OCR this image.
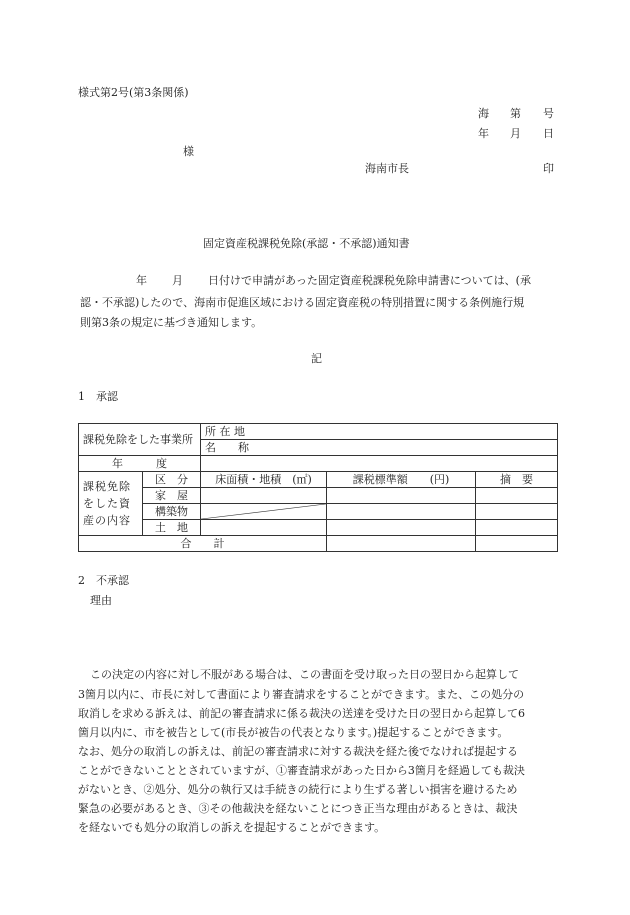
様式第2号(第3条関係)
海 第 号
年 月 日
様
海南市長	印
固定資産税課税免除(承認・不承認)通知書
年 月 日付けで申請があった固定資産税課税免除申請書については、(承
認・不承認)したので、海南市促進区域における固定資産税の特別措置に関する条例施行規
則第3条の規定に基づき通知します。
記
1　承認
課税免除をした事業所		所 在 地		
		名　　称		
年　　　度				
課税免除をした資産の内容	区　分	床面積・地積　(㎡)	課税標準額　　(円)	摘　要
	家　屋			
	構築物	

	土　地			
合　　計				
2　不承認
理由
この決定の内容に対し不服がある場合は、この書面を受け取った日の翌日から起算して
3箇月以内に、市長に対して書面により審査請求をすることができます。また、この処分の
取消しを求める訴えは、前記の審査請求に係る裁決の送達を受けた日の翌日から起算して6
箇月以内に、市を被告として(市長が被告の代表となります。)提起することができます。
なお、処分の取消しの訴えは、前記の審査請求に対する裁決を経た後でなければ提起する
ことができないこととされていますが、①審査請求があった日から3箇月を経過しても裁決
がないとき、②処分、処分の執行又は手続きの続行により生ずる著しい損害を避けるため
緊急の必要があるとき、③その他裁決を経ないことにつき正当な理由があるときは、裁決
を経ないでも処分の取消しの訴えを提起することができます。
